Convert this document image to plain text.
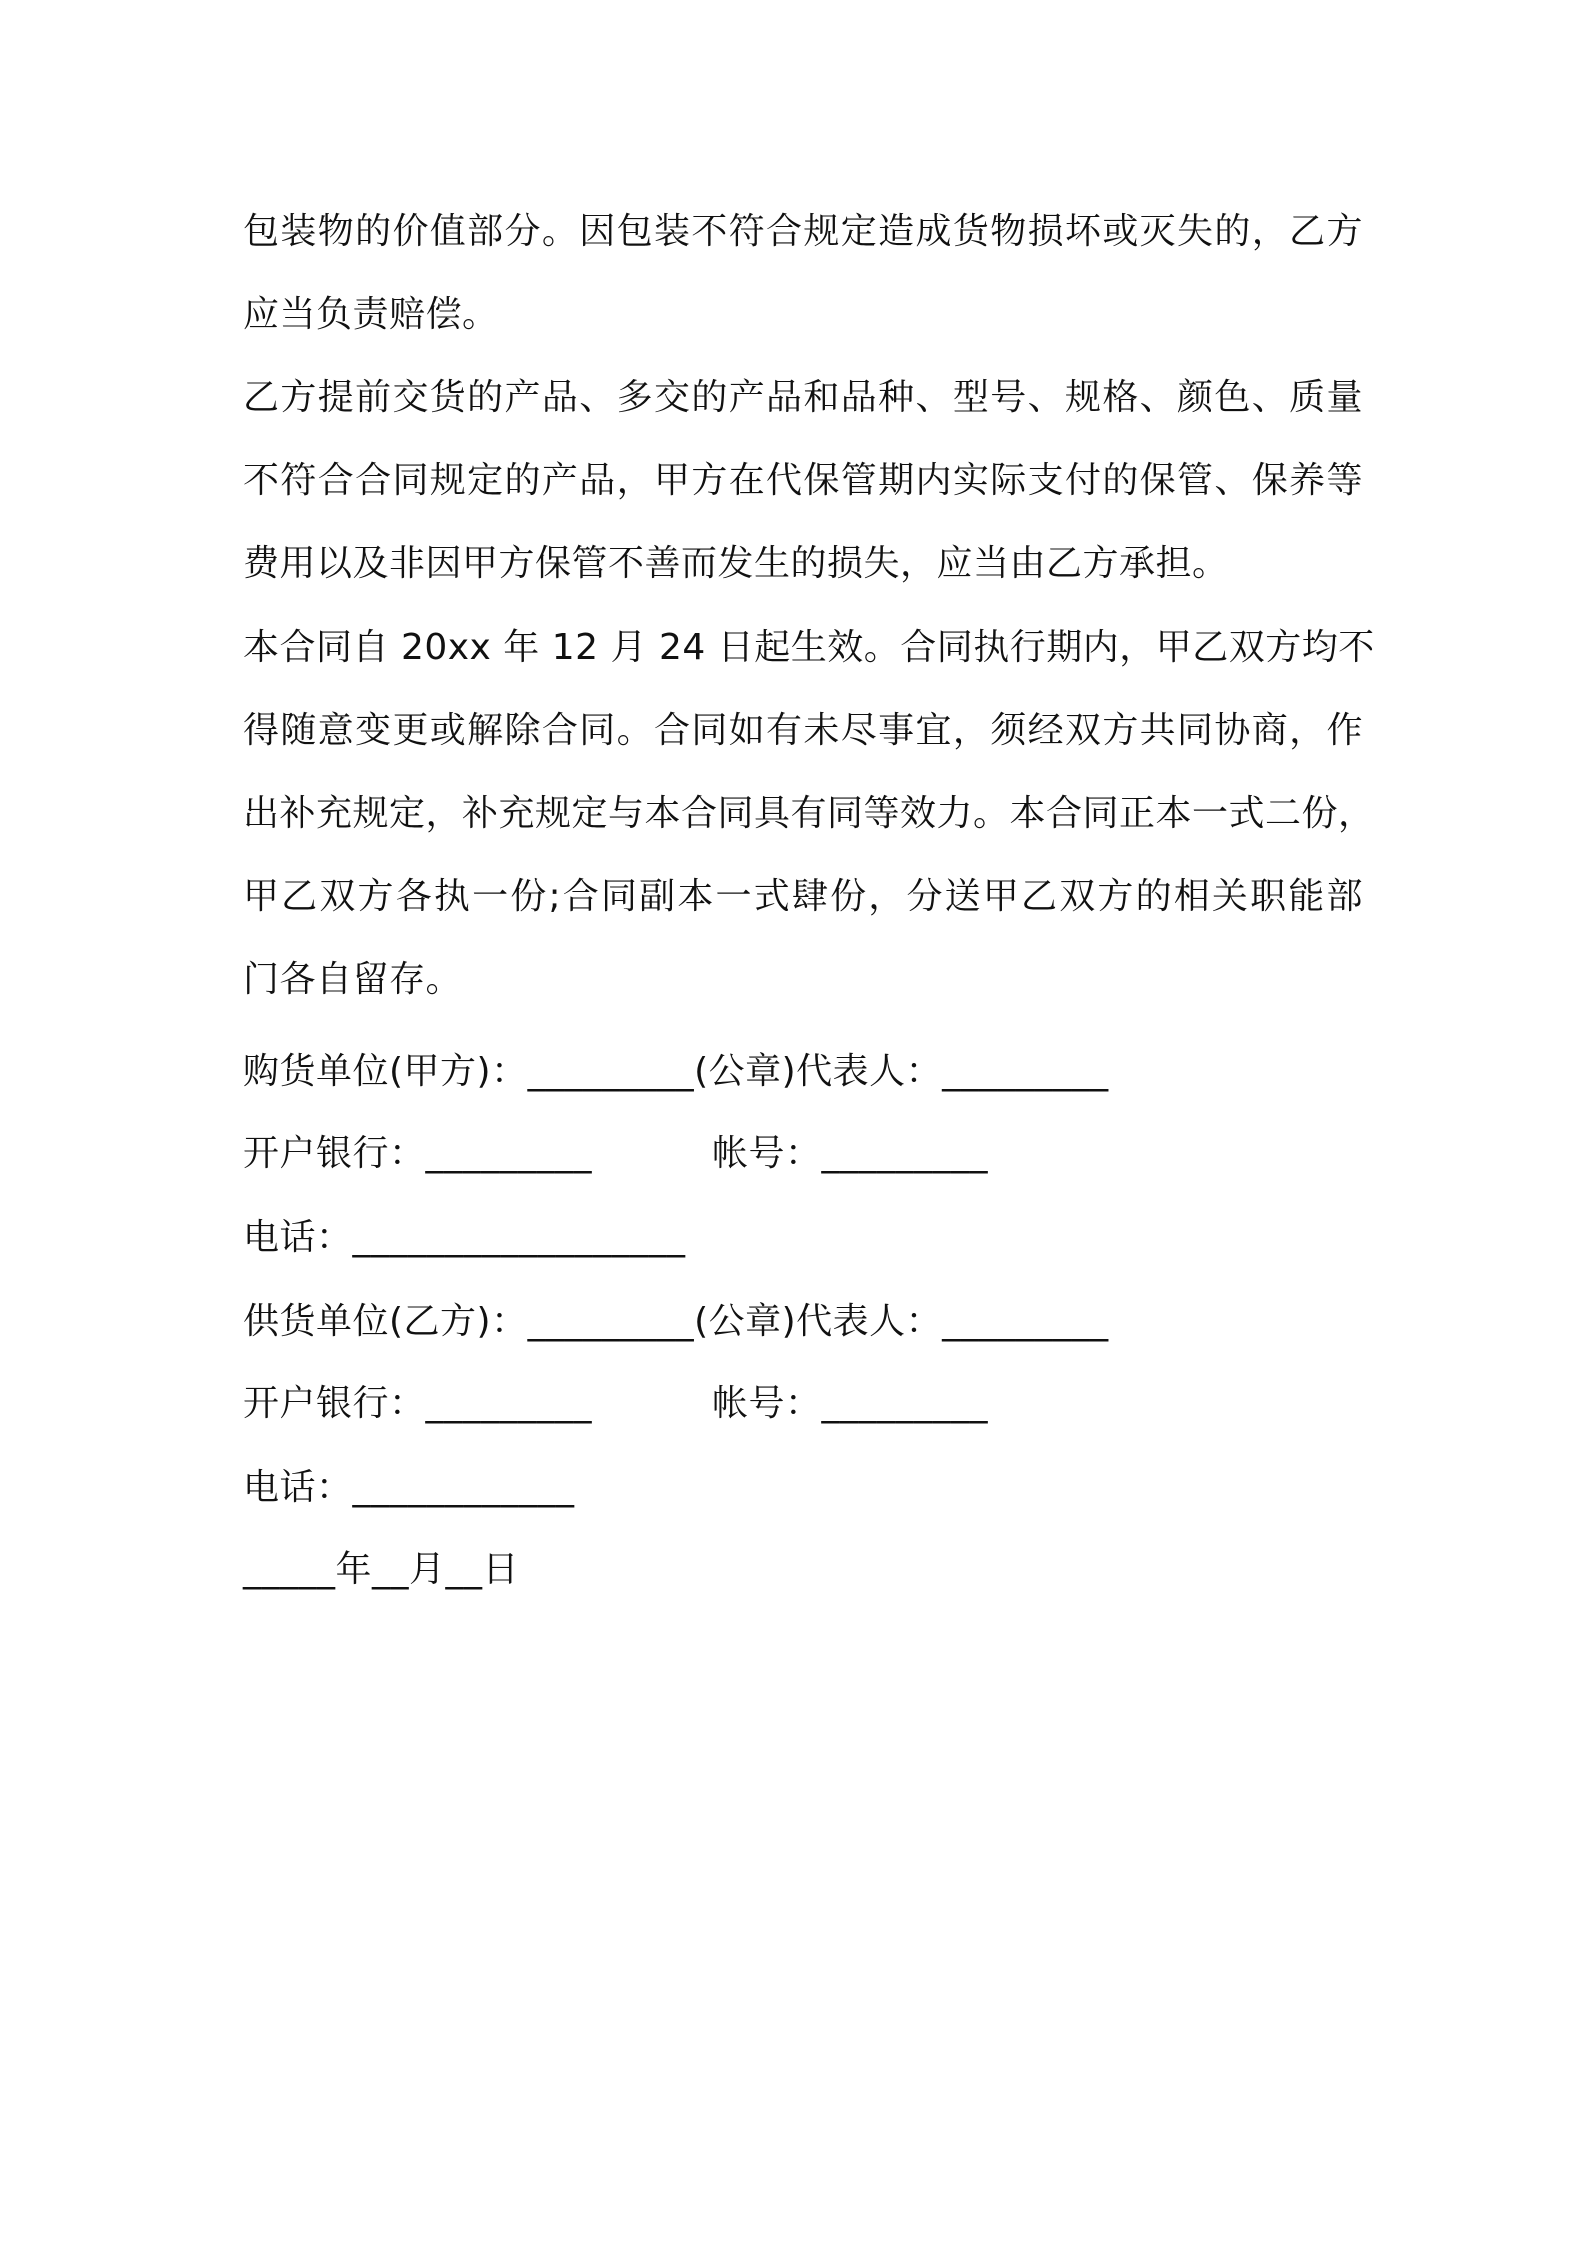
包装物的价值部分。因包装不符合规定造成货物损坏或灭失的，乙方
应当负责赔偿。
乙方提前交货的产品、多交的产品和品种、型号、规格、颜色、质量
不符合合同规定的产品，甲方在代保管期内实际支付的保管、保养等
费用以及非因甲方保管不善而发生的损失，应当由乙方承担。
本合同自 20xx 年 12 月 24 日起生效。合同执行期内，甲乙双方均不
得随意变更或解除合同。合同如有未尽事宜，须经双方共同协商，作
出补充规定，补充规定与本合同具有同等效力。本合同正本一式二份，
甲乙双方各执一份;合同副本一式肆份，分送甲乙双方的相关职能部
门各自留存。
购货单位(甲方)：_________(公章)代表人：_________
开户银行：_________	帐号：_________
电话：__________________
供货单位(乙方)：_________(公章)代表人：_________
开户银行：_________	帐号：_________
电话：____________
_____年__月__日
